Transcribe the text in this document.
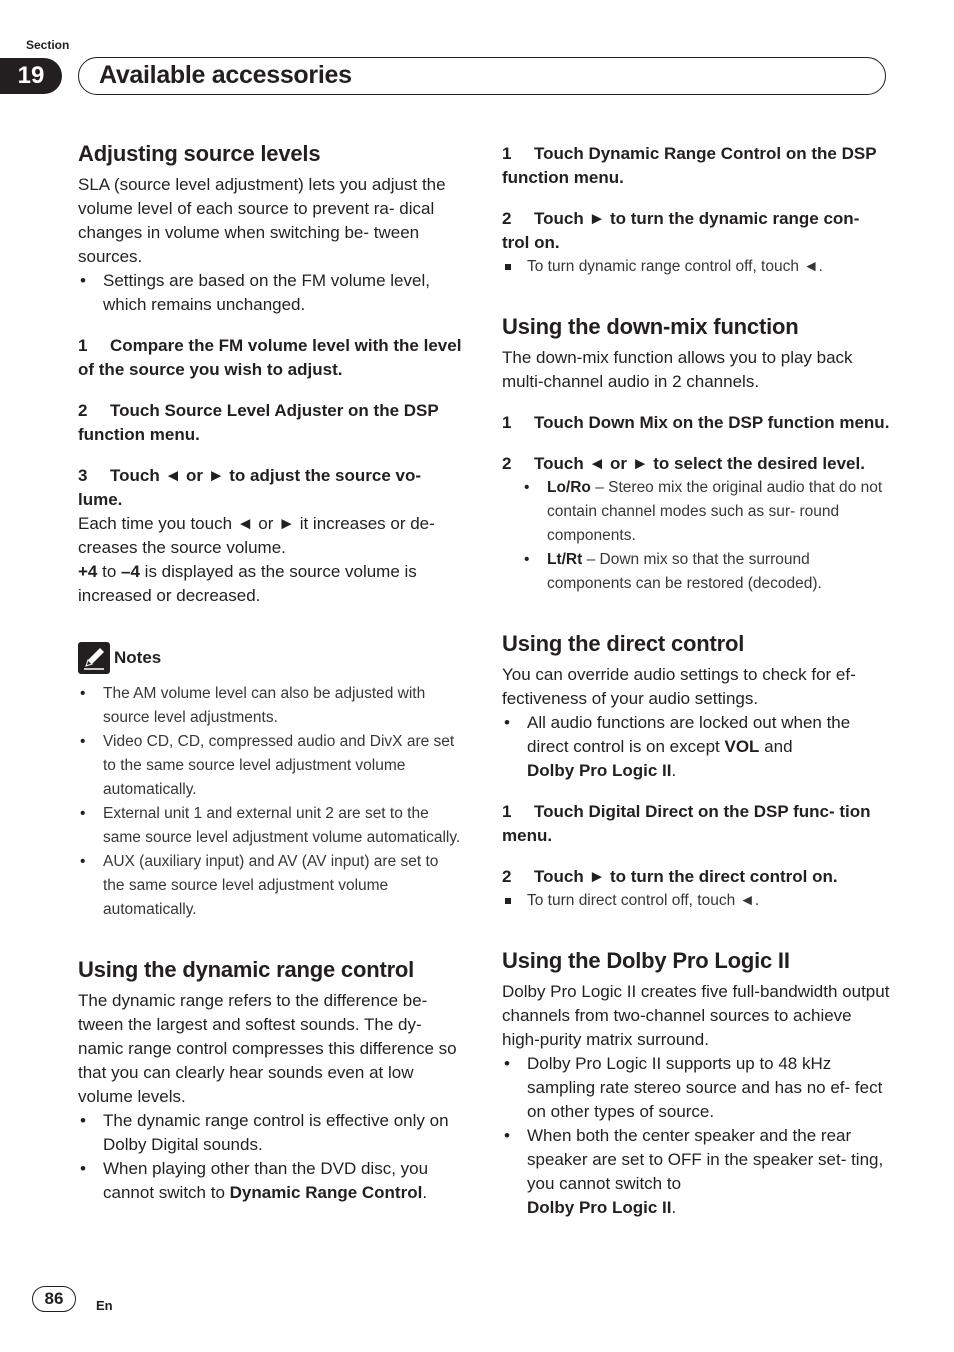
Section
19	Available accessories
Adjusting source levels

SLA (source level adjustment) lets you adjust the volume level of each source to prevent ra- dical changes in volume when switching be- tween sources.

• Settings are based on the FM volume level, which remains unchanged.
1 Compare the FM volume level with the level of the source you wish to adjust.
2 Touch Source Level Adjuster on the DSP function menu.
3 Touch ◄ or ► to adjust the source vo- lume.

Each time you touch ◄ or ► it increases or de- creases the source volume.

+4 to –4 is displayed as the source volume is increased or decreased.

Notes
• The AM volume level can also be adjusted with source level adjustments.
• Video CD, CD, compressed audio and DivX are set to the same source level adjustment volume automatically.
• External unit 1 and external unit 2 are set to the same source level adjustment volume automatically.
• AUX (auxiliary input) and AV (AV input) are set to the same source level adjustment volume automatically.
Using the dynamic range control

The dynamic range refers to the difference be- tween the largest and softest sounds. The dy- namic range control compresses this difference so that you can clearly hear sounds even at low volume levels.

• The dynamic range control is effective only on Dolby Digital sounds.
• When playing other than the DVD disc, you cannot switch to Dynamic Range Control.
1 Touch Dynamic Range Control on the DSP function menu.
2 Touch ► to turn the dynamic range con- trol on.
To turn dynamic range control off, touch ◄.
Using the down-mix function

The down-mix function allows you to play back multi-channel audio in 2 channels.

1 Touch Down Mix on the DSP function menu.
2 Touch ◄ or ► to select the desired level.
• Lo/Ro – Stereo mix the original audio that do not contain channel modes such as sur- round components.
• Lt/Rt – Down mix so that the surround components can be restored (decoded).
Using the direct control

You can override audio settings to check for ef- fectiveness of your audio settings.

• All audio functions are locked out when the direct control is on except VOL and
Dolby Pro Logic II.
1 Touch Digital Direct on the DSP func- tion menu.
2 Touch ► to turn the direct control on.
To turn direct control off, touch ◄.
Using the Dolby Pro Logic II

Dolby Pro Logic II creates five full-bandwidth output channels from two-channel sources to achieve high-purity matrix surround.

• Dolby Pro Logic II supports up to 48 kHz sampling rate stereo source and has no ef- fect on other types of source.
• When both the center speaker and the rear speaker are set to OFF in the speaker set- ting, you cannot switch to
Dolby Pro Logic II.
86	En
